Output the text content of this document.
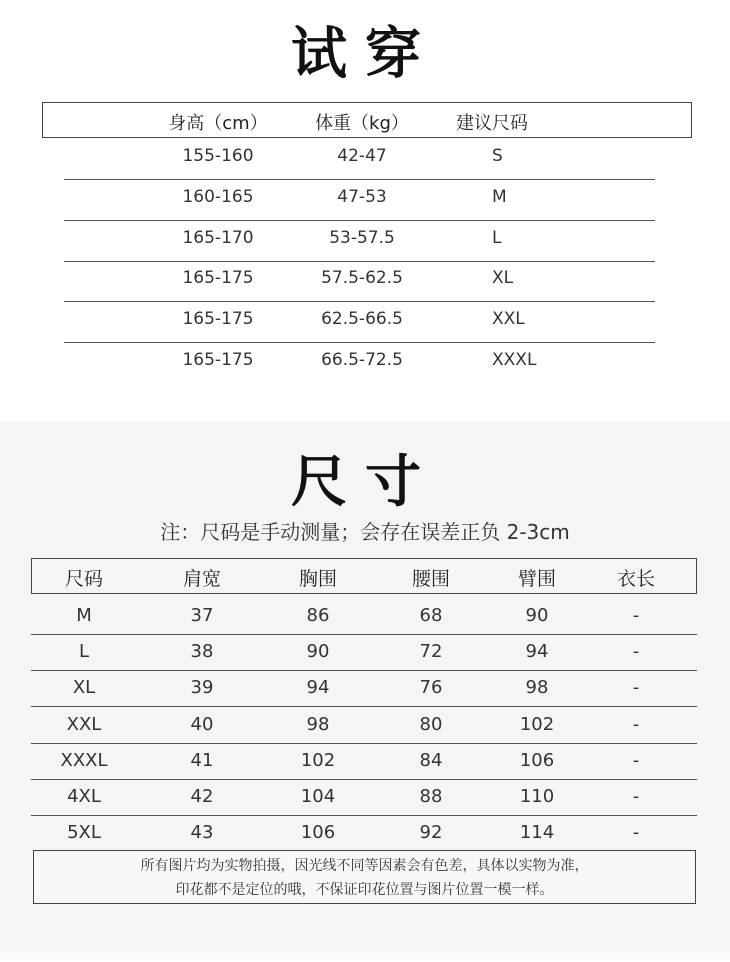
试穿
身高（cm）	体重（kg）	建议尺码
155-160	42-47	S
160-165	47-53	M
165-170	53-57.5	L
165-175	57.5-62.5	XL
165-175	62.5-66.5	XXL
165-175	66.5-72.5	XXXL
尺寸
注：尺码是手动测量；会存在误差正负 2-3cm
尺码	肩宽	胸围	腰围	臂围	衣长
M	37	86	68	90	-
L	38	90	72	94	-
XL	39	94	76	98	-
XXL	40	98	80	102	-
XXXL	41	102	84	106	-
4XL	42	104	88	110	-
5XL	43	106	92	114	-
所有图片均为实物拍摄，因光线不同等因素会有色差，具体以实物为准，
印花都不是定位的哦，不保证印花位置与图片位置一模一样。
